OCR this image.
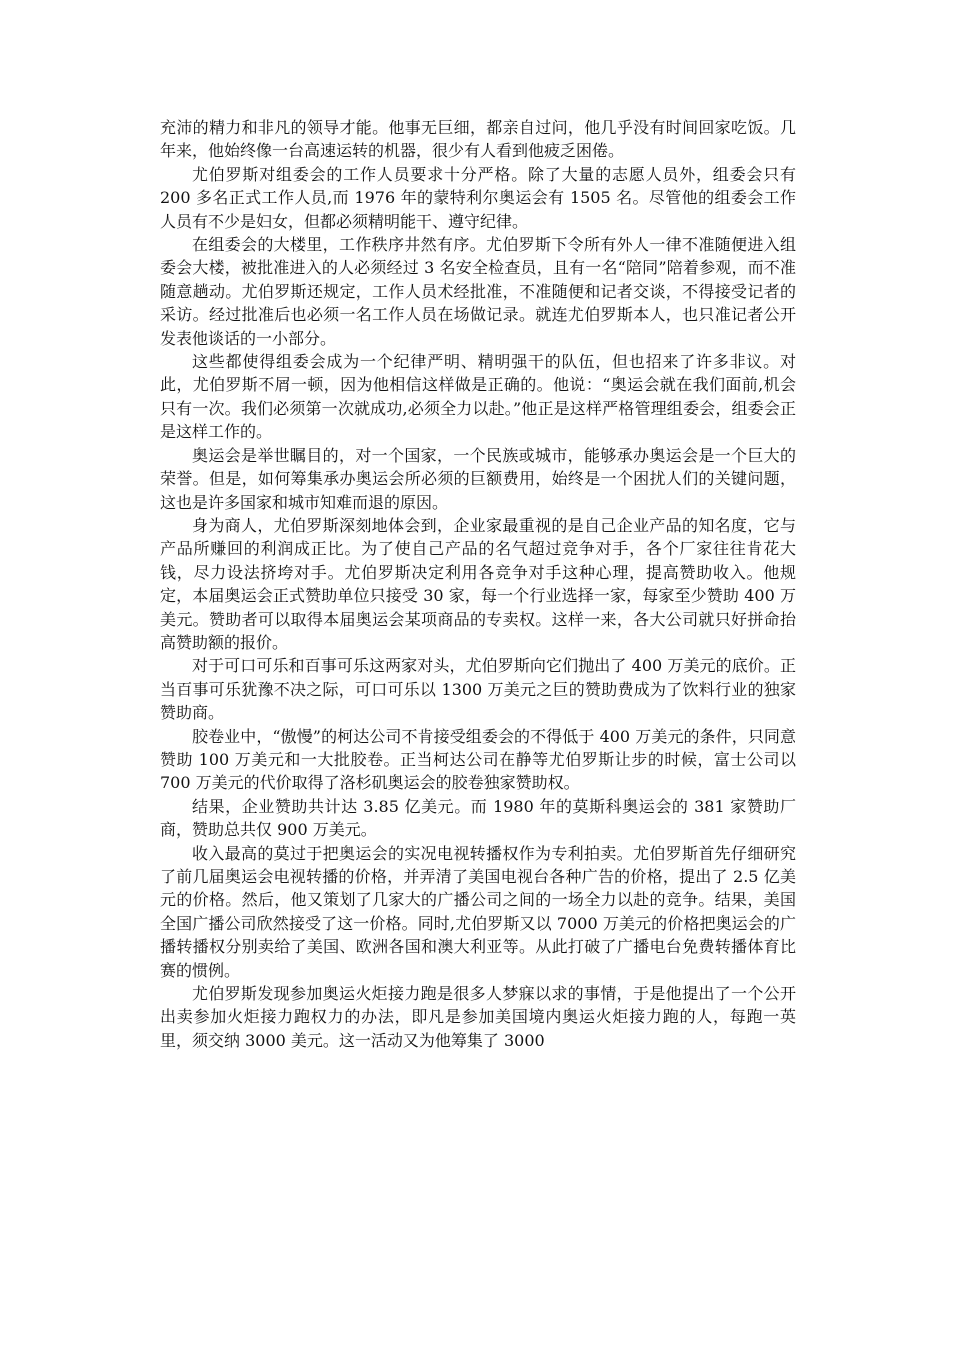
充沛的精力和非凡的领导才能。他事无巨细，都亲自过问，他几乎没有时间回家吃饭。几年来，他始终像一台高速运转的机器，很少有人看到他疲乏困倦。

尤伯罗斯对组委会的工作人员要求十分严格。除了大量的志愿人员外，组委会只有 200 多名正式工作人员,而 1976 年的蒙特利尔奥运会有 1505 名。尽管他的组委会工作人员有不少是妇女，但都必须精明能干、遵守纪律。

在组委会的大楼里，工作秩序井然有序。尤伯罗斯下令所有外人一律不准随便进入组委会大楼，被批准进入的人必须经过 3 名安全检查员，且有一名“陪同”陪着参观，而不准随意趟动。尤伯罗斯还规定，工作人员术经批准，不准随便和记者交谈，不得接受记者的采访。经过批准后也必须一名工作人员在场做记录。就连尤伯罗斯本人，也只准记者公开发表他谈话的一小部分。

这些都使得组委会成为一个纪律严明、精明强干的队伍，但也招来了许多非议。对此，尤伯罗斯不屑一顿，因为他相信这样做是正确的。他说：“奥运会就在我们面前,机会只有一次。我们必须第一次就成功,必须全力以赴。”他正是这样严格管理组委会，组委会正是这样工作的。

奥运会是举世瞩目的，对一个国家，一个民族或城市，能够承办奥运会是一个巨大的荣誉。但是，如何筹集承办奥运会所必须的巨额费用，始终是一个困扰人们的关键问题，这也是许多国家和城市知难而退的原因。

身为商人，尤伯罗斯深刻地体会到，企业家最重视的是自己企业产品的知名度，它与产品所赚回的利润成正比。为了使自己产品的名气超过竞争对手，各个厂家往往肯花大钱，尽力设法挤垮对手。尤伯罗斯决定利用各竞争对手这种心理，提高赞助收入。他规定，本届奥运会正式赞助单位只接受 30 家，每一个行业选择一家，每家至少赞助 400 万美元。赞助者可以取得本届奥运会某项商品的专卖权。这样一来，各大公司就只好拼命抬高赞助额的报价。

对于可口可乐和百事可乐这两家对头，尤伯罗斯向它们抛出了 400 万美元的底价。正当百事可乐犹豫不决之际，可口可乐以 1300 万美元之巨的赞助费成为了饮料行业的独家赞助商。

胶卷业中，“傲慢”的柯达公司不肯接受组委会的不得低于 400 万美元的条件，只同意赞助 100 万美元和一大批胶卷。正当柯达公司在静等尤伯罗斯让步的时候，富士公司以 700 万美元的代价取得了洛杉矶奥运会的胶卷独家赞助权。

结果，企业赞助共计达 3.85 亿美元。而 1980 年的莫斯科奥运会的 381 家赞助厂商，赞助总共仅 900 万美元。

收入最高的莫过于把奥运会的实况电视转播权作为专利拍卖。尤伯罗斯首先仔细研究了前几届奥运会电视转播的价格，并弄清了美国电视台各种广告的价格，提出了 2.5 亿美元的价格。然后，他又策划了几家大的广播公司之间的一场全力以赴的竞争。结果，美国全国广播公司欣然接受了这一价格。同时,尤伯罗斯又以 7000 万美元的价格把奥运会的广播转播权分别卖给了美国、欧洲各国和澳大利亚等。从此打破了广播电台免费转播体育比赛的惯例。

尤伯罗斯发现参加奥运火炬接力跑是很多人梦寐以求的事情，于是他提出了一个公开出卖参加火炬接力跑权力的办法，即凡是参加美国境内奥运火炬接力跑的人，每跑一英里，须交纳 3000 美元。这一活动又为他筹集了 3000
